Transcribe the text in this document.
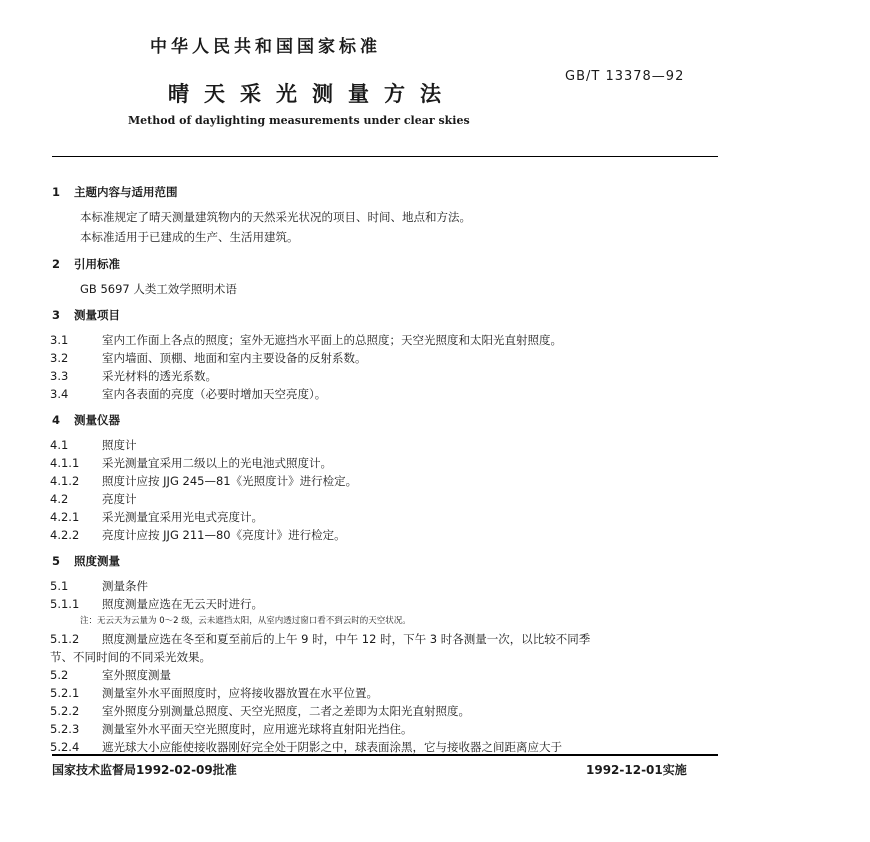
中华人民共和国国家标准
晴天采光测量方法
GB/T 13378—92
Method of daylighting measurements under clear skies
1 主题内容与适用范围
本标准规定了晴天测量建筑物内的天然采光状况的项目、时间、地点和方法。
本标准适用于已建成的生产、生活用建筑。
2 引用标准
GB 5697 人类工效学照明术语
3 测量项目
3.1	室内工作面上各点的照度；室外无遮挡水平面上的总照度；天空光照度和太阳光直射照度。
3.2	室内墙面、顶棚、地面和室内主要设备的反射系数。
3.3	采光材料的透光系数。
3.4	室内各表面的亮度（必要时增加天空亮度）。
4 测量仪器
4.1	照度计
4.1.1 采光测量宜采用二级以上的光电池式照度计。
4.1.2 照度计应按 JJG 245—81《光照度计》进行检定。
4.2	亮度计
4.2.1 采光测量宜采用光电式亮度计。
4.2.2 亮度计应按 JJG 211—80《亮度计》进行检定。
5 照度测量
5.1	测量条件
5.1.1 照度测量应选在无云天时进行。
注：无云天为云量为 0～2 级，云未遮挡太阳，从室内透过窗口看不到云时的天空状况。
5.1.2 照度测量应选在冬至和夏至前后的上午 9 时，中午 12 时，下午 3 时各测量一次，以比较不同季
节、不同时间的不同采光效果。
5.2	室外照度测量
5.2.1 测量室外水平面照度时，应将接收器放置在水平位置。
5.2.2 室外照度分别测量总照度、天空光照度，二者之差即为太阳光直射照度。
5.2.3 测量室外水平面天空光照度时，应用遮光球将直射阳光挡住。
5.2.4 遮光球大小应能使接收器刚好完全处于阴影之中，球表面涂黑，它与接收器之间距离应大于
国家技术监督局1992-02-09批准	1992-12-01实施
